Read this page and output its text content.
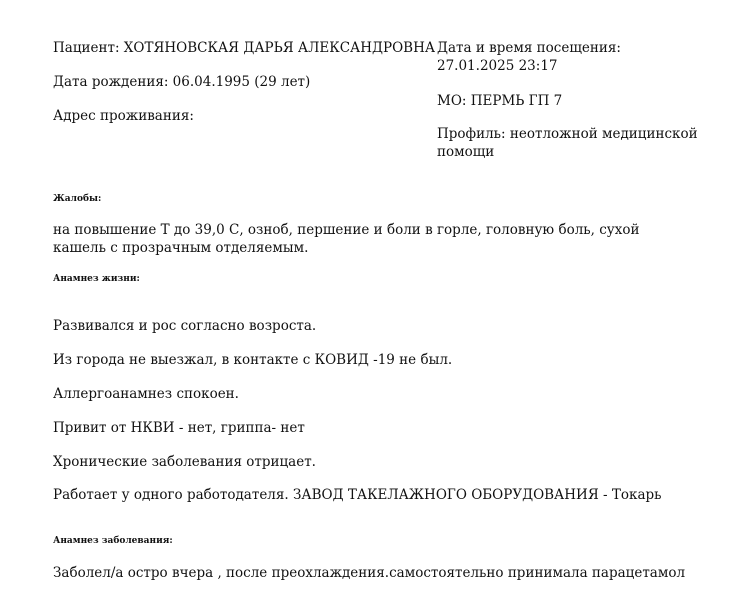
Пациент: ХОТЯНОВСКАЯ ДАРЬЯ АЛЕКСАНДРОВНА
Дата рождения: 06.04.1995 (29 лет)
Адрес проживания:
Дата и время посещения: 27.01.2025 23:17
МО: ПЕРМЬ ГП 7
Профиль: неотложной медицинской помощи
Жалобы:
на повышение Т до 39,0 С, озноб, першение и боли в горле, головную боль, сухой кашель с прозрачным отделяемым.
Анамнез жизни:
Развивался и рос согласно возроста.
Из города не выезжал, в контакте с КОВИД -19 не был.
Аллергоанамнез спокоен.
Привит от НКВИ - нет, гриппа- нет
Хронические заболевания отрицает.
Работает у одного работодателя. ЗАВОД ТАКЕЛАЖНОГО ОБОРУДОВАНИЯ - Токарь
Анамнез заболевания:
Заболел/а остро вчера , после преохлаждения.самостоятельно принимала парацетамол
